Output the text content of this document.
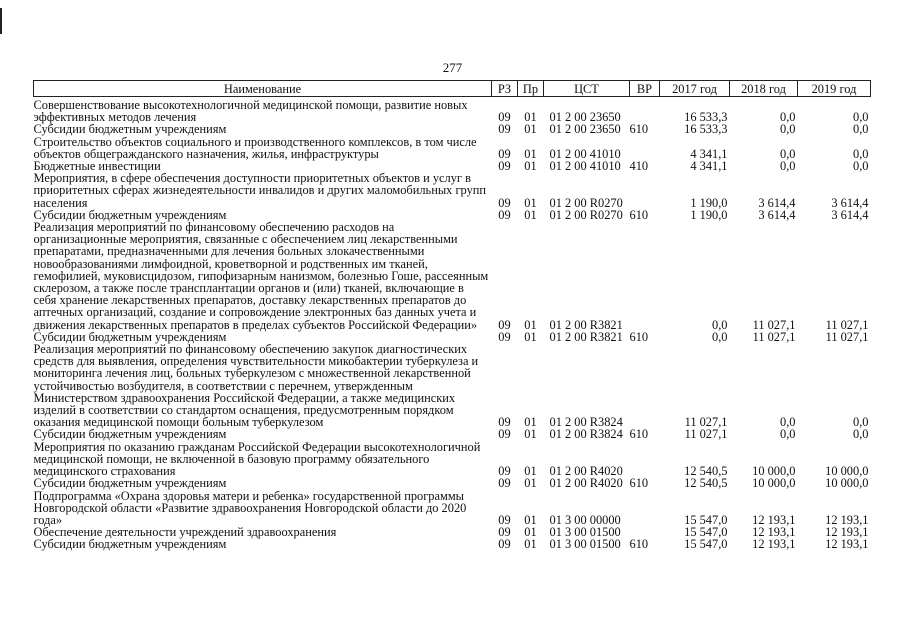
277
Наименование	РЗ	Пр	ЦСТ	ВР	2017 год	2018 год	2019 год
Совершенствование высокотехнологичной медицинской помощи, развитие новых эффективных методов лечения	09	01	01 2 00 23650		16 533,3	0,0	0,0
Субсидии бюджетным учреждениям	09	01	01 2 00 23650	610	16 533,3	0,0	0,0
Строительство объектов социального и производственного комплексов, в том числе объектов общегражданского назначения, жилья, инфраструктуры	09	01	01 2 00 41010		4 341,1	0,0	0,0
Бюджетные инвестиции	09	01	01 2 00 41010	410	4 341,1	0,0	0,0
Мероприятия, в сфере обеспечения доступности приоритетных объектов и услуг в приоритетных сферах жизнедеятельности инвалидов и других маломобильных групп населения	09	01	01 2 00 R0270		1 190,0	3 614,4	3 614,4
Субсидии бюджетным учреждениям	09	01	01 2 00 R0270	610	1 190,0	3 614,4	3 614,4
Реализация мероприятий по финансовому обеспечению расходов на организационные мероприятия, связанные с обеспечением лиц лекарственными препаратами, предназначенными для лечения больных злокачественными новообразованиями лимфоидной, кроветворной и родственных им тканей, гемофилией, муковисцидозом, гипофизарным нанизмом, болезнью Гоше, рассеянным склерозом, а также после трансплантации органов и (или) тканей, включающие в себя хранение лекарственных препаратов, доставку лекарственных препаратов до аптечных организаций, создание и сопровождение электронных баз данных учета и движения лекарственных препаратов в пределах субъектов Российской Федерации»	09	01	01 2 00 R3821		0,0	11 027,1	11 027,1
Субсидии бюджетным учреждениям	09	01	01 2 00 R3821	610	0,0	11 027,1	11 027,1
Реализация мероприятий по финансовому обеспечению закупок диагностических средств для выявления, определения чувствительности микобактерии туберкулеза и мониторинга лечения лиц, больных туберкулезом с множественной лекарственной устойчивостью возбудителя, в соответствии с перечнем, утвержденным Министерством здравоохранения Российской Федерации, а также медицинских изделий в соответствии со стандартом оснащения, предусмотренным порядком оказания медицинской помощи больным туберкулезом	09	01	01 2 00 R3824		11 027,1	0,0	0,0
Субсидии бюджетным учреждениям	09	01	01 2 00 R3824	610	11 027,1	0,0	0,0
Мероприятия по оказанию гражданам Российской Федерации высокотехнологичной медицинской помощи, не включенной в базовую программу обязательного медицинского страхования	09	01	01 2 00 R4020		12 540,5	10 000,0	10 000,0
Субсидии бюджетным учреждениям	09	01	01 2 00 R4020	610	12 540,5	10 000,0	10 000,0
Подпрограмма «Охрана здоровья матери и ребенка» государственной программы Новгородской области «Развитие здравоохранения Новгородской области до 2020 года»	09	01	01 3 00 00000		15 547,0	12 193,1	12 193,1
Обеспечение деятельности учреждений здравоохранения	09	01	01 3 00 01500		15 547,0	12 193,1	12 193,1
Субсидии бюджетным учреждениям	09	01	01 3 00 01500	610	15 547,0	12 193,1	12 193,1
